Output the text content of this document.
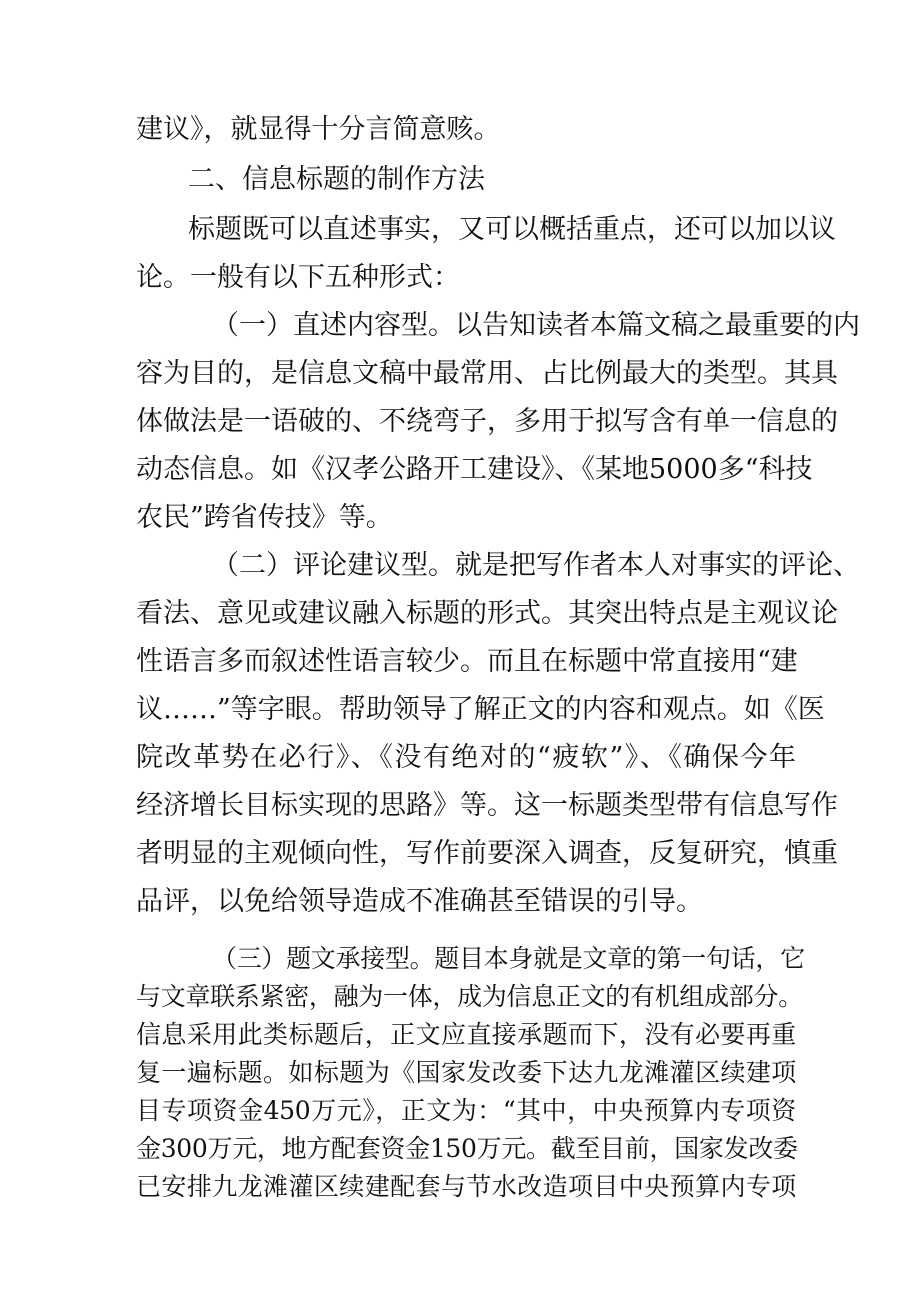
建议》，就显得十分言简意赅。
二、信息标题的制作方法
标题既可以直述事实，又可以概括重点，还可以加以议
论。一般有以下五种形式：
（一）直述内容型。以告知读者本篇文稿之最重要的内
容为目的，是信息文稿中最常用、占比例最大的类型。其具
体做法是一语破的、不绕弯子，多用于拟写含有单一信息的
动态信息。如《汉孝公路开工建设》、《某地5000多“科技
农民”跨省传技》等。
（二）评论建议型。就是把写作者本人对事实的评论、
看法、意见或建议融入标题的形式。其突出特点是主观议论
性语言多而叙述性语言较少。而且在标题中常直接用“建
议……”等字眼。帮助领导了解正文的内容和观点。如《医
院改革势在必行》、《没有绝对的“疲软”》、《确保今年
经济增长目标实现的思路》等。这一标题类型带有信息写作
者明显的主观倾向性，写作前要深入调查，反复研究，慎重
品评，以免给领导造成不准确甚至错误的引导。
（三）题文承接型。题目本身就是文章的第一句话，它
与文章联系紧密，融为一体，成为信息正文的有机组成部分。
信息采用此类标题后，正文应直接承题而下，没有必要再重
复一遍标题。如标题为《国家发改委下达九龙滩灌区续建项
目专项资金450万元》，正文为：“其中，中央预算内专项资
金300万元，地方配套资金150万元。截至目前，国家发改委
已安排九龙滩灌区续建配套与节水改造项目中央预算内专项
